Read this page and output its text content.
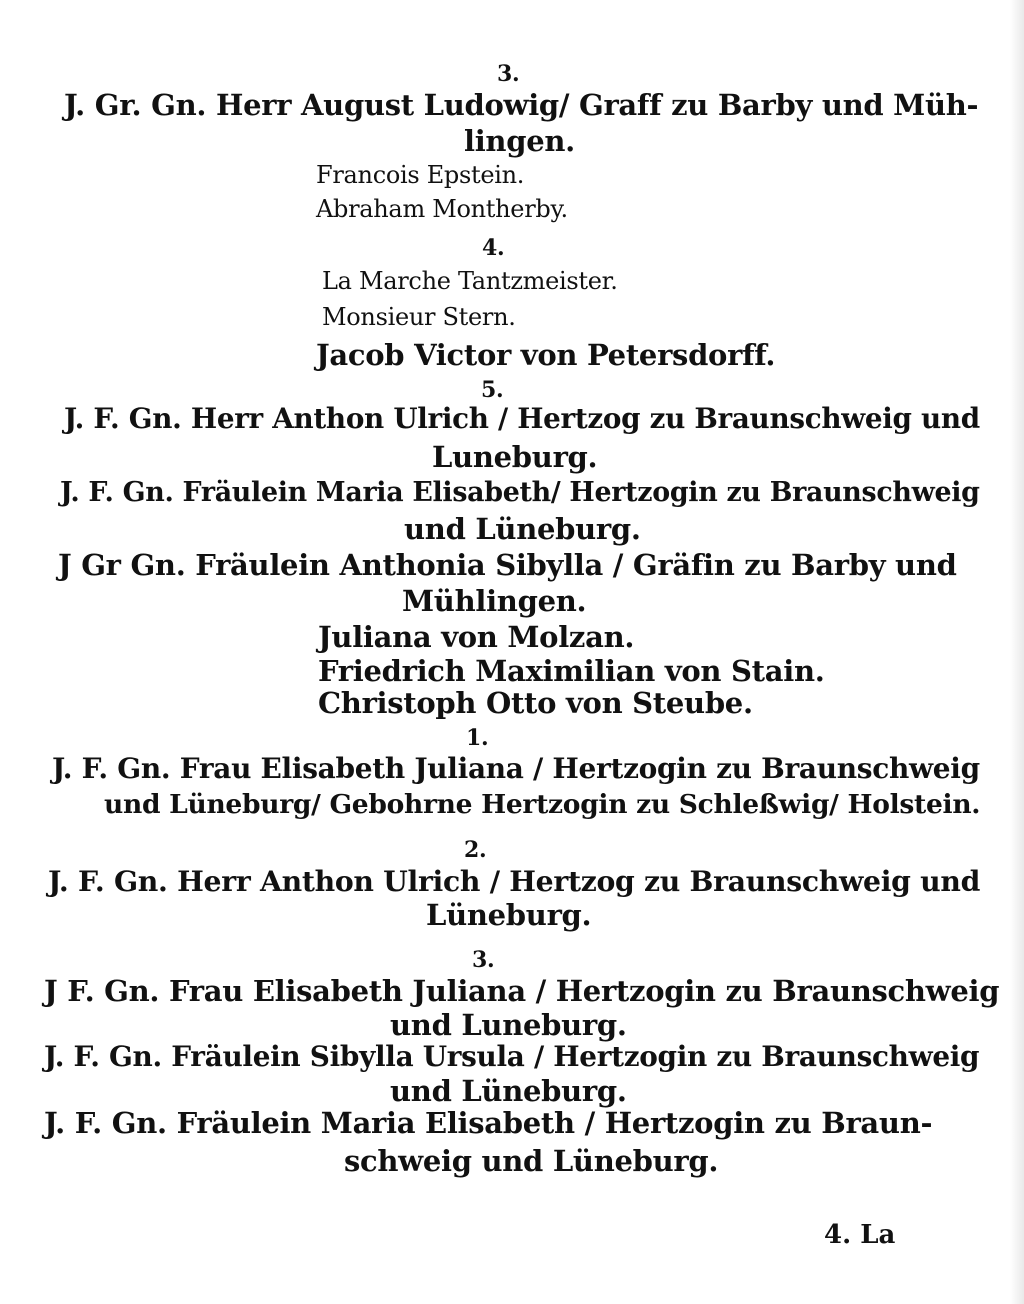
3.
J. Gr. Gn. Herr August Ludowig/ Graff zu Barby und Müh-
lingen.
Francois Epstein.
Abraham Montherby.
4.
La Marche Tantzmeister.
Monsieur Stern.
Jacob Victor von Petersdorff.
5.
J. F. Gn. Herr Anthon Ulrich / Hertzog zu Braunschweig und
Luneburg.
J. F. Gn. Fräulein Maria Elisabeth/ Hertzogin zu Braunschweig
und Lüneburg.
J Gr Gn. Fräulein Anthonia Sibylla / Gräfin zu Barby und
Mühlingen.
Juliana von Molzan.
Friedrich Maximilian von Stain.
Christoph Otto von Steube.
1.
J. F. Gn. Frau Elisabeth Juliana / Hertzogin zu Braunschweig
und Lüneburg/ Gebohrne Hertzogin zu Schleßwig/ Holstein.
2.
J. F. Gn. Herr Anthon Ulrich / Hertzog zu Braunschweig und
Lüneburg.
3.
J F. Gn. Frau Elisabeth Juliana / Hertzogin zu Braunschweig
und Luneburg.
J. F. Gn. Fräulein Sibylla Ursula / Hertzogin zu Braunschweig
und Lüneburg.
J. F. Gn. Fräulein Maria Elisabeth / Hertzogin zu Braun-
schweig und Lüneburg.
4. La
